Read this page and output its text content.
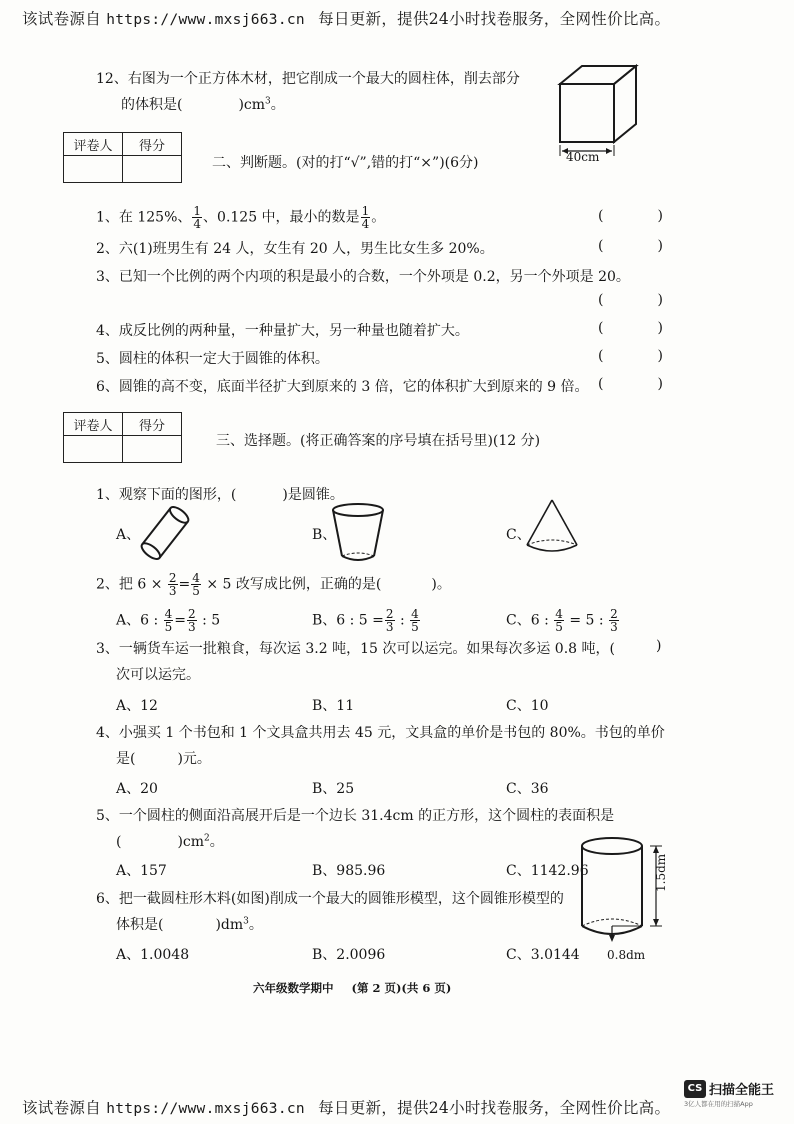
该试卷源自 https://www.mxsj663.cn 每日更新，提供24小时找卷服务，全网性价比高。
12、右图为一个正方体木材，把它削成一个最大的圆柱体，削去部分
的体积是(	)$cm^3$。
40cm
评卷人	得分

二、判断题。(对的打“√”,错的打“×”)(6分)
1、在 125%、 $\frac{1}{4}$ 、0.125 中，最小的数是 $\frac{1}{4}$ 。
2、六(1)班男生有 24 人，女生有 20 人，男生比女生多 20%。
3、已知一个比例的两个内项的积是最小的合数，一个外项是 0.2，另一个外项是 20。
4、成反比例的两种量，一种量扩大，另一种量也随着扩大。
5、圆柱的体积一定大于圆锥的体积。
6、圆锥的高不变，底面半径扩大到原来的 3 倍，它的体积扩大到原来的 9 倍。
(	)
(	)
(	)
(	)
(	)
(	)
评卷人	得分

三、选择题。(将正确答案的序号填在括号里)(12 分)
1、观察下面的图形，(	)是圆锥。
A、	B、	C、
2、把 $6 \times \frac{2}{3} = \frac{4}{5} \times 5$ 改写成比例，正确的是(	)。
A、6 : $\frac{4}{5} = \frac{2}{3}$ : 5	B、6 : $5 = \frac{2}{3}$ : $\frac{4}{5}$	C、6 : $\frac{4}{5} = 5$ : $\frac{2}{3}$
3、一辆货车运一批粮食，每次运 3.2 吨，15 次可以运完。如果每次多运 0.8 吨，(	)
次可以运完。
A、12	B、11	C、10
4、小强买 1 个书包和 1 个文具盒共用去 45 元，文具盒的单价是书包的 80%。书包的单价
是(	)元。
A、20	B、25	C、36
5、一个圆柱的侧面沿高展开后是一个边长 31.4cm 的正方形，这个圆柱的表面积是
(	)$cm^2$。
A、157	B、985.96	C、1142.96
6、把一截圆柱形木料(如图)削成一个最大的圆锥形模型，这个圆锥形模型的
体积是(	)$dm^3$。
A、1.0048	B、2.0096	C、3.0144
1.5dm
0.8dm
六年级数学期中 (第 2 页)(共 6 页)
该试卷源自 https://www.mxsj663.cn 每日更新，提供24小时找卷服务，全网性价比高。
CS 扫描全能王
3亿人都在用的扫描App
